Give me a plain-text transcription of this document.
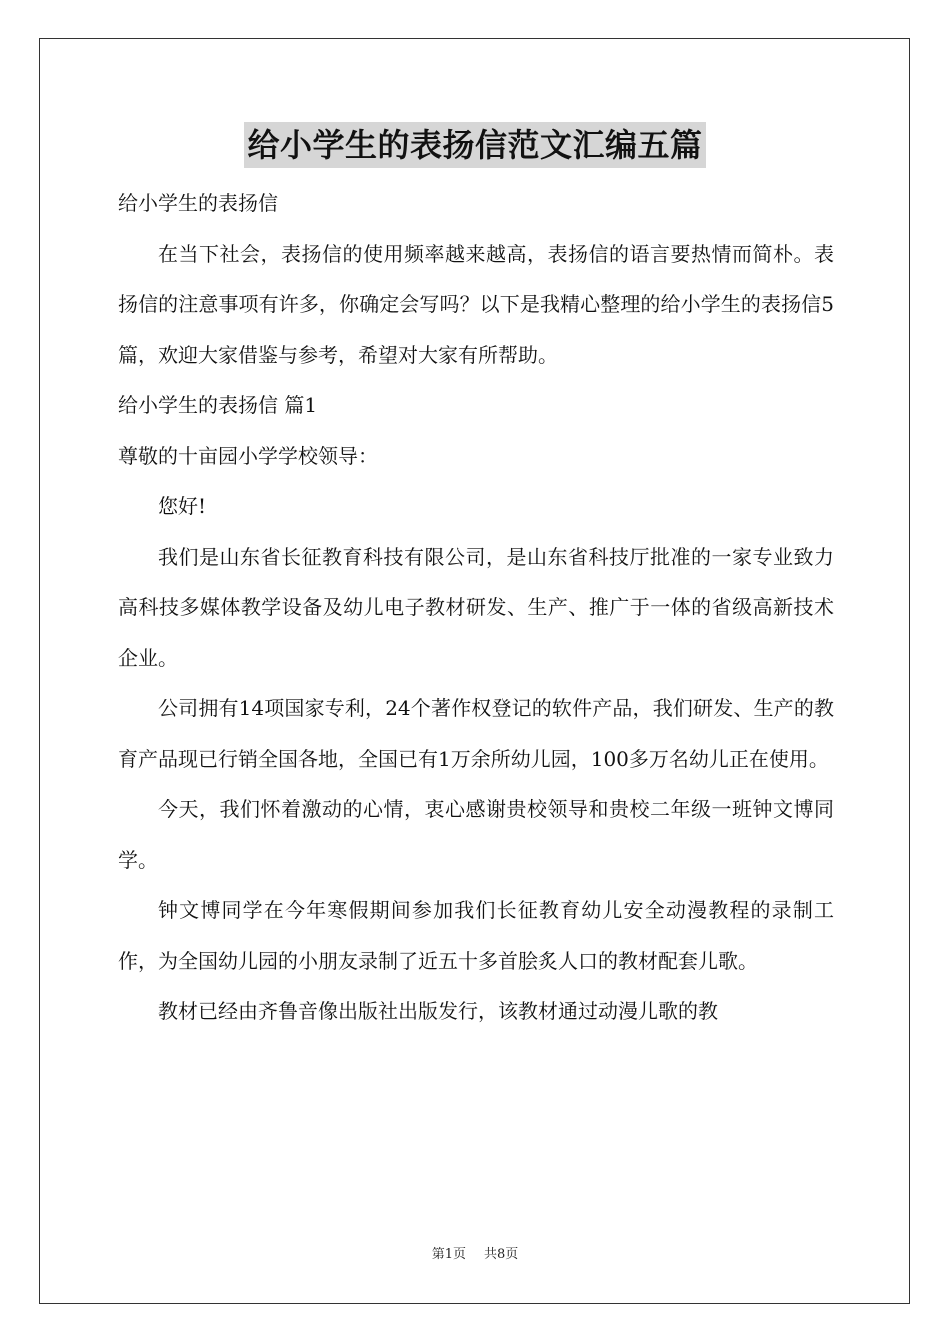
给小学生的表扬信范文汇编五篇

给小学生的表扬信

在当下社会，表扬信的使用频率越来越高，表扬信的语言要热情而简朴。表扬信的注意事项有许多，你确定会写吗？以下是我精心整理的给小学生的表扬信5篇，欢迎大家借鉴与参考，希望对大家有所帮助。

给小学生的表扬信 篇1

尊敬的十亩园小学学校领导：

您好!

我们是山东省长征教育科技有限公司，是山东省科技厅批准的一家专业致力高科技多媒体教学设备及幼儿电子教材研发、生产、推广于一体的省级高新技术企业。

公司拥有14项国家专利，24个著作权登记的软件产品，我们研发、生产的教育产品现已行销全国各地，全国已有1万余所幼儿园，100多万名幼儿正在使用。

今天，我们怀着激动的心情，衷心感谢贵校领导和贵校二年级一班钟文博同学。

钟文博同学在今年寒假期间参加我们长征教育幼儿安全动漫教程的录制工作，为全国幼儿园的小朋友录制了近五十多首脍炙人口的教材配套儿歌。

教材已经由齐鲁音像出版社出版发行，该教材通过动漫儿歌的教

第1页 共8页
